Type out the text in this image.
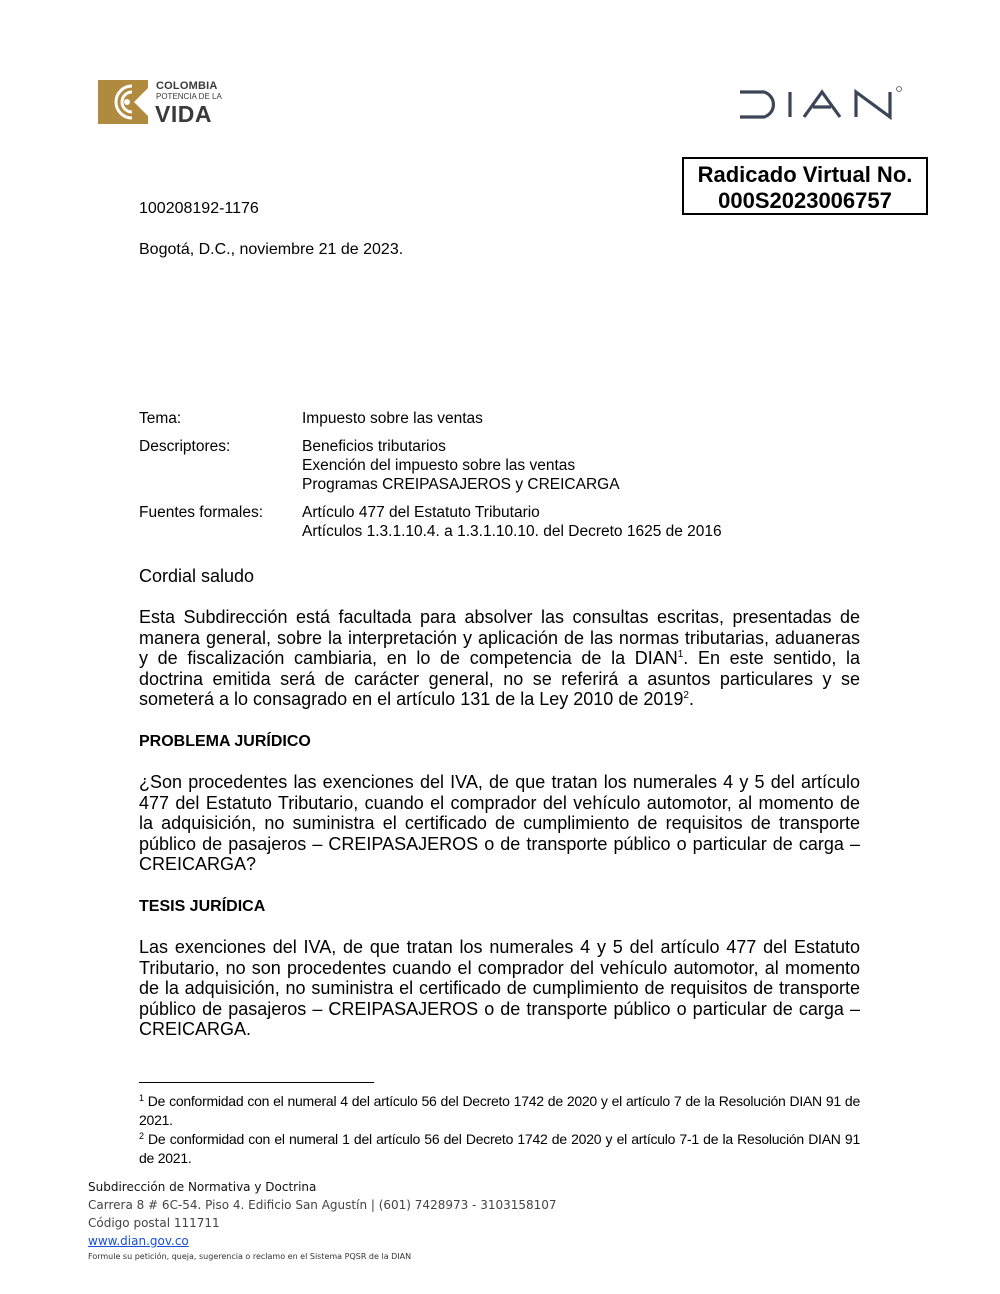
COLOMBIA
POTENCIA DE LA
VIDA
Radicado Virtual No.
000S2023006757
100208192-1176
Bogotá, D.C., noviembre 21 de 2023.
Tema:	Impuesto sobre las ventas
Descriptores:	Beneficios tributarios
Exención del impuesto sobre las ventas
Programas CREIPASAJEROS y CREICARGA
Fuentes formales:	Artículo 477 del Estatuto Tributario
Artículos 1.3.1.10.4. a 1.3.1.10.10. del Decreto 1625 de 2016
Cordial saludo
Esta Subdirección está facultada para absolver las consultas escritas, presentadas de manera general, sobre la interpretación y aplicación de las normas tributarias, aduaneras y de fiscalización cambiaria, en lo de competencia de la DIAN$^1$. En este sentido, la doctrina emitida será de carácter general, no se referirá a asuntos particulares y se someterá a lo consagrado en el artículo 131 de la Ley 2010 de 2019$^2$.
PROBLEMA JURÍDICO
¿Son procedentes las exenciones del IVA, de que tratan los numerales 4 y 5 del artículo 477 del Estatuto Tributario, cuando el comprador del vehículo automotor, al momento de la adquisición, no suministra el certificado de cumplimiento de requisitos de transporte público de pasajeros – CREIPASAJEROS o de transporte público o particular de carga – CREICARGA?
TESIS JURÍDICA
Las exenciones del IVA, de que tratan los numerales 4 y 5 del artículo 477 del Estatuto Tributario, no son procedentes cuando el comprador del vehículo automotor, al momento de la adquisición, no suministra el certificado de cumplimiento de requisitos de transporte público de pasajeros – CREIPASAJEROS o de transporte público o particular de carga – CREICARGA.
$^1$ De conformidad con el numeral 4 del artículo 56 del Decreto 1742 de 2020 y el artículo 7 de la Resolución DIAN 91 de 2021.
$^2$ De conformidad con el numeral 1 del artículo 56 del Decreto 1742 de 2020 y el artículo 7-1 de la Resolución DIAN 91 de 2021.
Subdirección de Normativa y Doctrina
Carrera 8 # 6C-54. Piso 4. Edificio San Agustín | (601) 7428973 - 3103158107
Código postal 111711
www.dian.gov.co
Formule su petición, queja, sugerencia o reclamo en el Sistema PQSR de la DIAN
